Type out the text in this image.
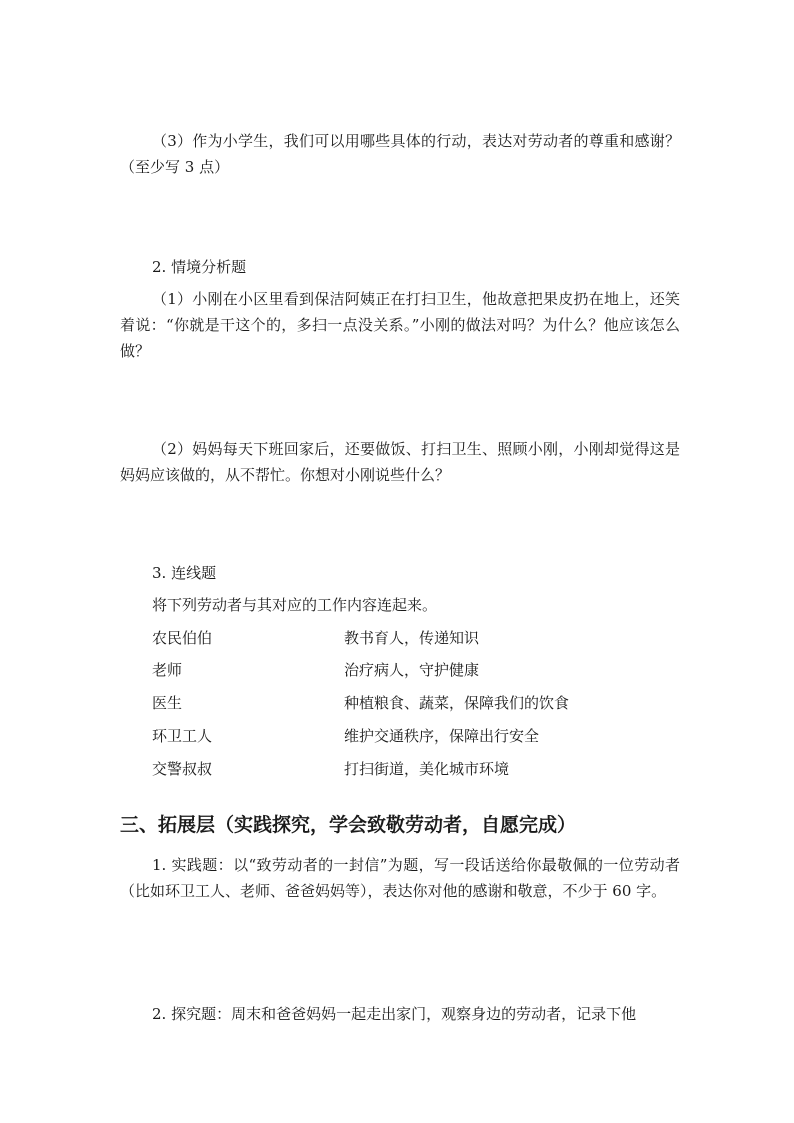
（3）作为小学生，我们可以用哪些具体的行动，表达对劳动者的尊重和感谢？（至少写 3 点）

2. 情境分析题

（1）小刚在小区里看到保洁阿姨正在打扫卫生，他故意把果皮扔在地上，还笑着说：“你就是干这个的，多扫一点没关系。”小刚的做法对吗？为什么？他应该怎么做？

（2）妈妈每天下班回家后，还要做饭、打扫卫生、照顾小刚，小刚却觉得这是妈妈应该做的，从不帮忙。你想对小刚说些什么？

3. 连线题

将下列劳动者与其对应的工作内容连起来。

农民伯伯	教书育人，传递知识
老师	治疗病人，守护健康
医生	种植粮食、蔬菜，保障我们的饮食
环卫工人	维护交通秩序，保障出行安全
交警叔叔	打扫街道，美化城市环境
三、拓展层（实践探究，学会致敬劳动者，自愿完成）

1. 实践题：以“致劳动者的一封信”为题，写一段话送给你最敬佩的一位劳动者（比如环卫工人、老师、爸爸妈妈等），表达你对他的感谢和敬意，不少于 60 字。

2. 探究题：周末和爸爸妈妈一起走出家门，观察身边的劳动者，记录下他
